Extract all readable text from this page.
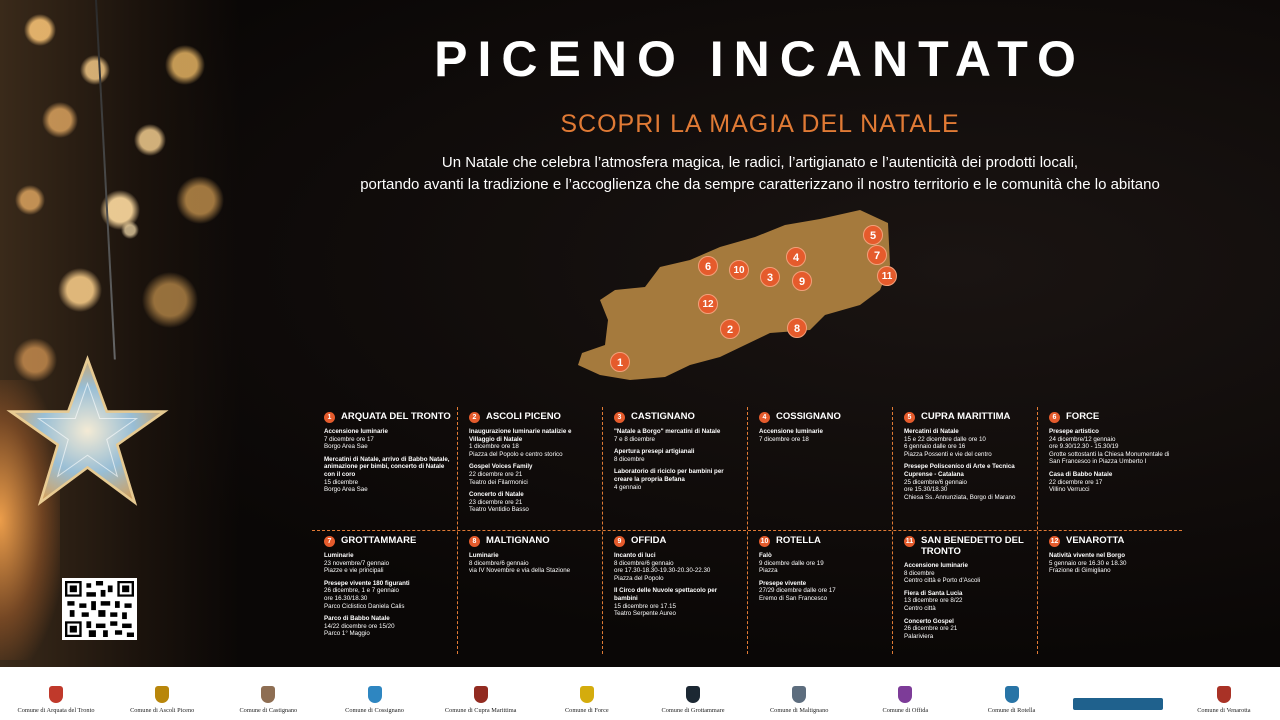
PICENO INCANTATO
SCOPRI LA MAGIA DEL NATALE
Un Natale che celebra l’atmosfera magica, le radici, l’artigianato e l’autenticità dei prodotti locali,
portando avanti la tradizione e l’accoglienza che da sempre caratterizzano il nostro territorio e le comunità che lo abitano
1
2
3
4
5
6
7
8
9
10
11
12
1	ARQUATA DEL TRONTO
Accensione luminarie
7 dicembre ore 17
Borgo Area Sae
Mercatini di Natale, arrivo di Babbo Natale, animazione per bimbi, concerto di Natale con il coro
15 dicembre
Borgo Area Sae
2	ASCOLI PICENO
Inaugurazione luminarie natalizie e Villaggio di Natale
1 dicembre ore 18
Piazza del Popolo e centro storico
Gospel Voices Family
22 dicembre ore 21
Teatro dei Filarmonici
Concerto di Natale
23 dicembre ore 21
Teatro Ventidio Basso
3	CASTIGNANO
"Natale a Borgo" mercatini di Natale
7 e 8 dicembre
Apertura presepi artigianali
8 dicembre
Laboratorio di riciclo per bambini per creare la propria Befana
4 gennaio
4	COSSIGNANO
Accensione luminarie
7 dicembre ore 18
5	CUPRA MARITTIMA
Mercatini di Natale
15 e 22 dicembre dalle ore 10
6 gennaio dalle ore 16
Piazza Possenti e vie del centro
Presepe Polisceníco di Arte e Tecnica Cuprense - Catalana
25 dicembre/6 gennaio
ore 15.30/18.30
Chiesa Ss. Annunziata, Borgo di Marano
6	FORCE
Presepe artistico
24 dicembre/12 gennaio
ore 9.30/12.30 - 15.30/19
Grotte sottostanti la Chiesa Monumentale di San Francesco in Piazza Umberto I
Casa di Babbo Natale
22 dicembre ore 17
Villino Verrucci
7	GROTTAMMARE
Luminarie
23 novembre/7 gennaio
Piazze e vie principali
Presepe vivente 180 figuranti
26 dicembre, 1 e 7 gennaio
ore 16.30/18.30
Parco Ciclistico Daniela Calis
Parco di Babbo Natale
14/22 dicembre ore 15/20
Parco 1° Maggio
8	MALTIGNANO
Luminarie
8 dicembre/6 gennaio
via IV Novembre e via della Stazione
9	OFFIDA
Incanto di luci
8 dicembre/6 gennaio
ore 17.30-18.30-19.30-20.30-22.30
Piazza del Popolo
Il Circo delle Nuvole spettacolo per bambini
15 dicembre ore 17.15
Teatro Serpente Aureo
10 ROTELLA
Falò
9 dicembre dalle ore 19
Piazza
Presepe vivente
27/29 dicembre dalle ore 17
Eremo di San Francesco
11 SAN BENEDETTO DEL TRONTO
Accensione luminarie
8 dicembre
Centro città e Porto d'Ascoli
Fiera di Santa Lucia
13 dicembre ore 8/22
Centro città
Concerto Gospel
26 dicembre ore 21
Palariviera
12 VENAROTTA
Natività vivente nel Borgo
5 gennaio ore 16.30 e 18.30
Frazione di Gimigliano
Comune di Arquata del Tronto	Comune di Ascoli Piceno	Comune di Castignano	Comune di Cossignano	Comune di Cupra Marittima	Comune di Force	Comune di Grottammare	Comune di Maltignano	Comune di Offida	Comune di Rotella	Comune di Venarotta
